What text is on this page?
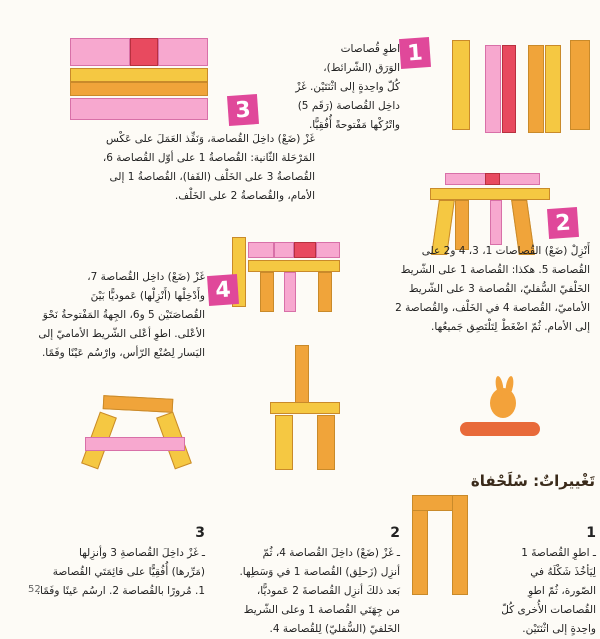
1
اطوِ قُصاصات
الوَرَق (الشّرائط)،
كُلّ واحِدةٍ إلى اثْنَتَيْن. غَزْ
داخِل القُصاصة (رَقَم 5)
واتْرُكْها مَفْتوحةً أُفُقِيًّا.
3
غَزْ (ضَعْ) داخِلَ القُصاصة، وَنَفِّذ العَمَلَ على عَكْس
المَرْحَلة الثّانية: القُصاصةُ 1 على أوّل القُصاصة 6،
القُصاصةُ 3 على الخَلْف (القَفا)، القُصاصةُ 1 إلى
الأمام، والقُصاصةُ 2 على الخَلْف.
2
أَنْزِلْ (ضَعْ) القُصاصات 1، 3، 4 و2 على
القُصاصة 5. هكذا: القُصاصة 1 على الشّريط
الخَلْفيّ السُّفليّ، القُصاصة 3 على الشّريط
الأماميّ، القُصاصة 4 في الخَلْف، والقُصاصة 2
إلى الأمام. ثُمّ اضْغَطْ لِتَلْتَصِق جَميعُها.
4
غَزْ (ضَعْ) داخِل القُصاصة 7،
وأَدْخِلْها (أَنْزِلْها) عَموديًّا بَيْنَ
القُصاصَتَيْن 5 و6، الجِهةُ المَفْتوحةُ نَحْوَ
الأعْلى. اطوِ أعْلى الشّريط الأماميّ إلى
اليَسار لِصُنْع الرّأس، وارْسُم عَيْنًا وفَمًا.
تَغْييراتٌ: سُلَحْفاة

1
ـ اطوِ القُصاصةَ 1
لِيَأخُذَ شَكْلَهُ في
الصّورة، ثُمّ اطوِ
القُصاصات الأُخرى كُلّ
واحِدةٍ إلى اثْنَتَيْن.

2
ـ غَزْ (ضَعْ) داخِلَ القُصاصة 4، ثُمّ
أنزِل (زَحلِق) القُصاصة 1 في وَسَطِها.
بَعد ذلكَ أنزِل القُصاصةَ 2 عَموديًّا،
من جِهَتَي القُصاصة 1 وعلى الشّريط
الخَلفيّ (السُّفليّ) لِلقُصاصة 4.

3
ـ غَزْ داخِلَ القُصاصةِ 3 وأنزِلها
(مَرِّرها) أُفُقِيًّا على قائِمَتَي القُصاصة
1. مُرورًا بالقُصاصة 2. ارسُم عَينًا وفَمًا.

52
